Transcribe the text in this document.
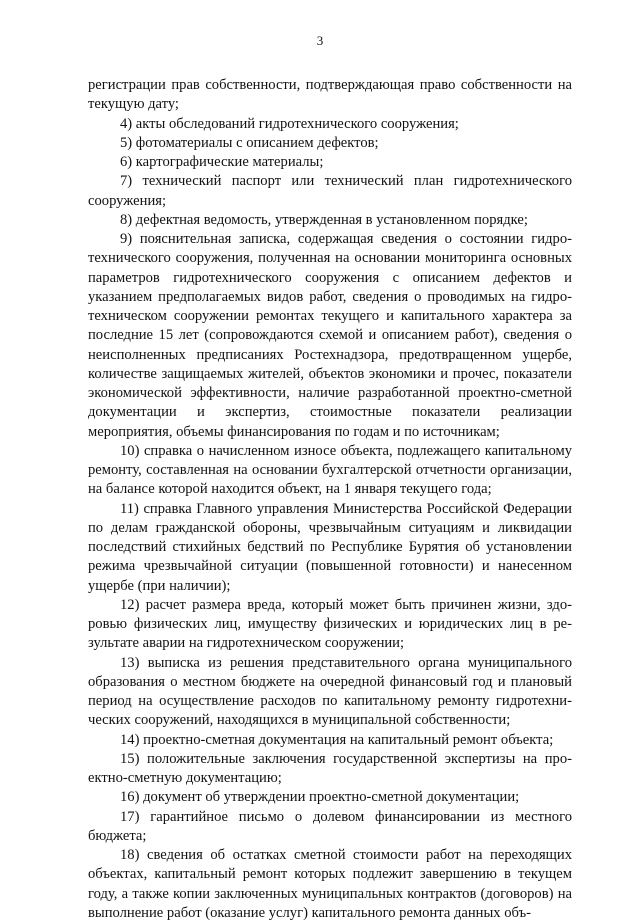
3

регистрации прав собственности, подтверждающая право собственности на текущую дату;

4) акты обследований гидротехнического сооружения;

5) фотоматериалы с описанием дефектов;

6) картографические материалы;

7) технический паспорт или технический план гидротехнического сооружения;

8) дефектная ведомость, утвержденная в установленном порядке;

9) пояснительная записка, содержащая сведения о состоянии гидротехнического сооружения, полученная на основании мониторинга основных параметров гидротехнического сооружения с описанием дефектов и указанием предполагаемых видов работ, сведения о проводимых на гидротехническом сооружении ремонтах текущего и капитального характера за последние 15 лет (сопровождаются схемой и описанием работ), сведения о неисполненных предписаниях Ростехнадзора, предотвращенном ущербе, количестве защищаемых жителей, объектов экономики и прочес, показатели экономической эффективности, наличие разработанной проектно-сметной документации и экспертиз, стоимостные показатели реализации мероприятия, объемы финансирования по годам и по источникам;

10) справка о начисленном износе объекта, подлежащего капитальному ремонту, составленная на основании бухгалтерской отчетности организации, на балансе которой находится объект, на 1 января текущего года;

11) справка Главного управления Министерства Российской Федерации по делам гражданской обороны, чрезвычайным ситуациям и ликвидации последствий стихийных бедствий по Республике Бурятия об установлении режима чрезвычайной ситуации (повышенной готовности) и нанесенном ущербе (при наличии);

12) расчет размера вреда, который может быть причинен жизни, здоровью физических лиц, имуществу физических и юридических лиц в результате аварии на гидротехническом сооружении;

13) выписка из решения представительного органа муниципального образования о местном бюджете на очередной финансовый год и плановый период на осуществление расходов по капитальному ремонту гидротехнических сооружений, находящихся в муниципальной собственности;

14) проектно-сметная документация на капитальный ремонт объекта;

15) положительные заключения государственной экспертизы на проектно-сметную документацию;

16) документ об утверждении проектно-сметной документации;

17) гарантийное письмо о долевом финансировании из местного бюджета;

18) сведения об остатках сметной стоимости работ на переходящих объектах, капитальный ремонт которых подлежит завершению в текущем году, а также копии заключенных муниципальных контрактов (договоров) на выполнение работ (оказание услуг) капитального ремонта данных объ-
